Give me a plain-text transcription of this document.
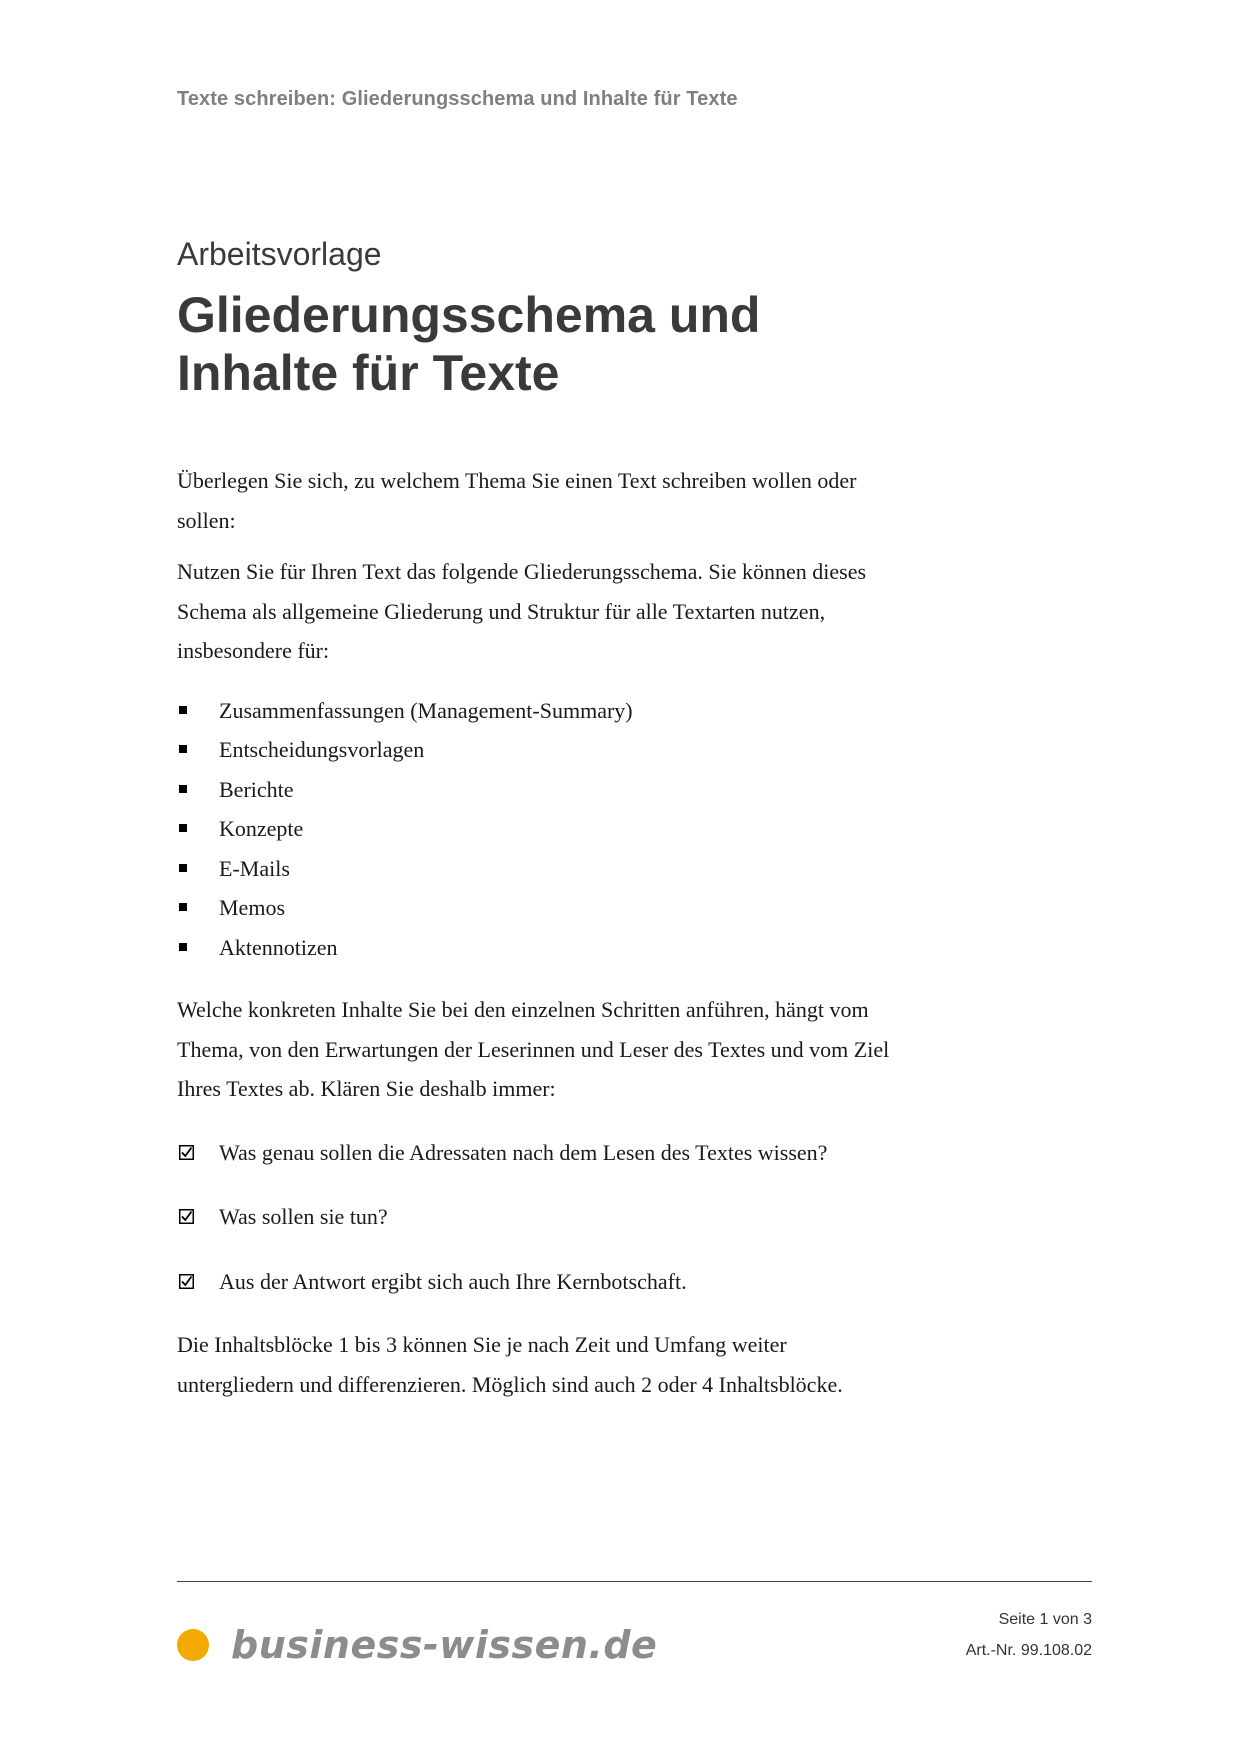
Texte schreiben: Gliederungsschema und Inhalte für Texte
Arbeitsvorlage
Gliederungsschema und
Inhalte für Texte

Überlegen Sie sich, zu welchem Thema Sie einen Text schreiben wollen oder sollen:

Nutzen Sie für Ihren Text das folgende Gliederungsschema. Sie können dieses Schema als allgemeine Gliederung und Struktur für alle Textarten nutzen, insbesondere für:

Zusammenfassungen (Management-Summary)
Entscheidungsvorlagen
Berichte
Konzepte
E-Mails
Memos
Aktennotizen

Welche konkreten Inhalte Sie bei den einzelnen Schritten anführen, hängt vom Thema, von den Erwartungen der Leserinnen und Leser des Textes und vom Ziel Ihres Textes ab. Klären Sie deshalb immer:

Was genau sollen die Adressaten nach dem Lesen des Textes wissen?
Was sollen sie tun?
Aus der Antwort ergibt sich auch Ihre Kernbotschaft.

Die Inhaltsblöcke 1 bis 3 können Sie je nach Zeit und Umfang weiter untergliedern und differenzieren. Möglich sind auch 2 oder 4 Inhaltsblöcke.

business-wissen.de
Seite 1 von 3
Art.-Nr. 99.108.02
